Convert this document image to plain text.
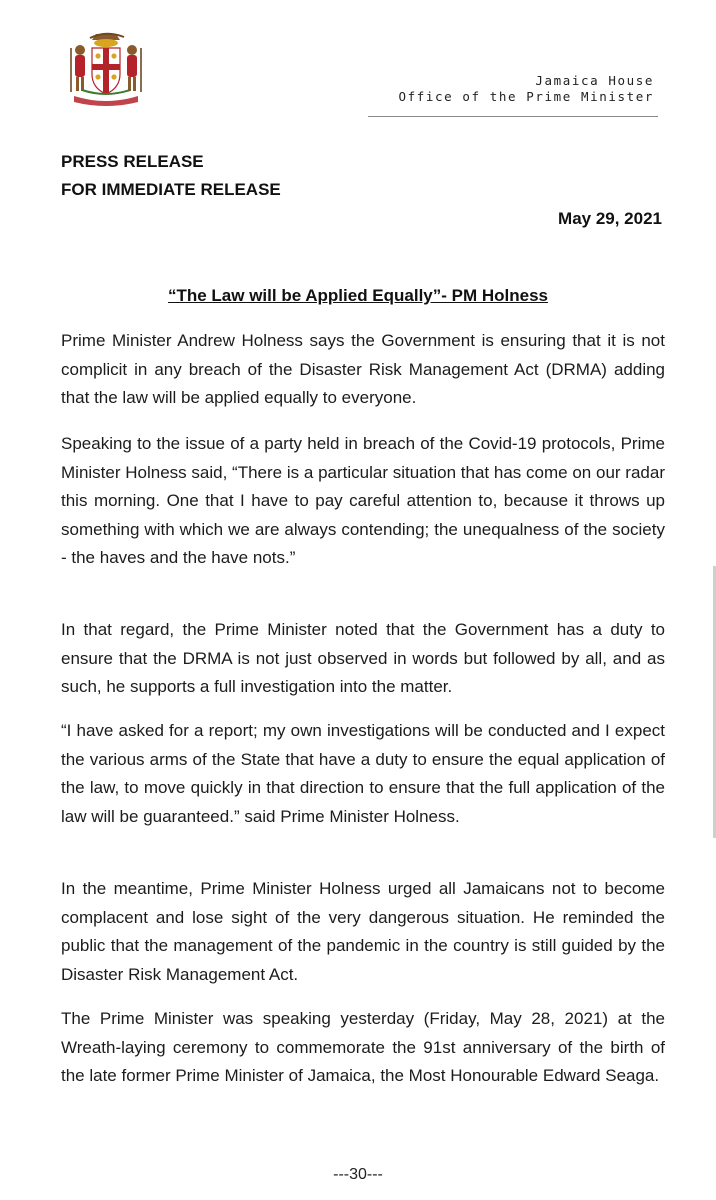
Jamaica House
Office of the Prime Minister
PRESS RELEASE
FOR IMMEDIATE RELEASE
May 29, 2021
“The Law will be Applied Equally”- PM Holness

Prime Minister Andrew Holness says the Government is ensuring that it is not complicit in any breach of the Disaster Risk Management Act (DRMA) adding that the law will be applied equally to everyone.

Speaking to the issue of a party held in breach of the Covid-19 protocols, Prime Minister Holness said, “There is a particular situation that has come on our radar this morning. One that I have to pay careful attention to, because it throws up something with which we are always contending; the unequalness of the society - the haves and the have nots.”

In that regard, the Prime Minister noted that the Government has a duty to ensure that the DRMA is not just observed in words but followed by all, and as such, he supports a full investigation into the matter.

“I have asked for a report; my own investigations will be conducted and I expect the various arms of the State that have a duty to ensure the equal application of the law, to move quickly in that direction to ensure that the full application of the law will be guaranteed.” said Prime Minister Holness.

In the meantime, Prime Minister Holness urged all Jamaicans not to become complacent and lose sight of the very dangerous situation. He reminded the public that the management of the pandemic in the country is still guided by the Disaster Risk Management Act.

The Prime Minister was speaking yesterday (Friday, May 28, 2021) at the Wreath-laying ceremony to commemorate the 91st anniversary of the birth of the late former Prime Minister of Jamaica, the Most Honourable Edward Seaga.

---30---
